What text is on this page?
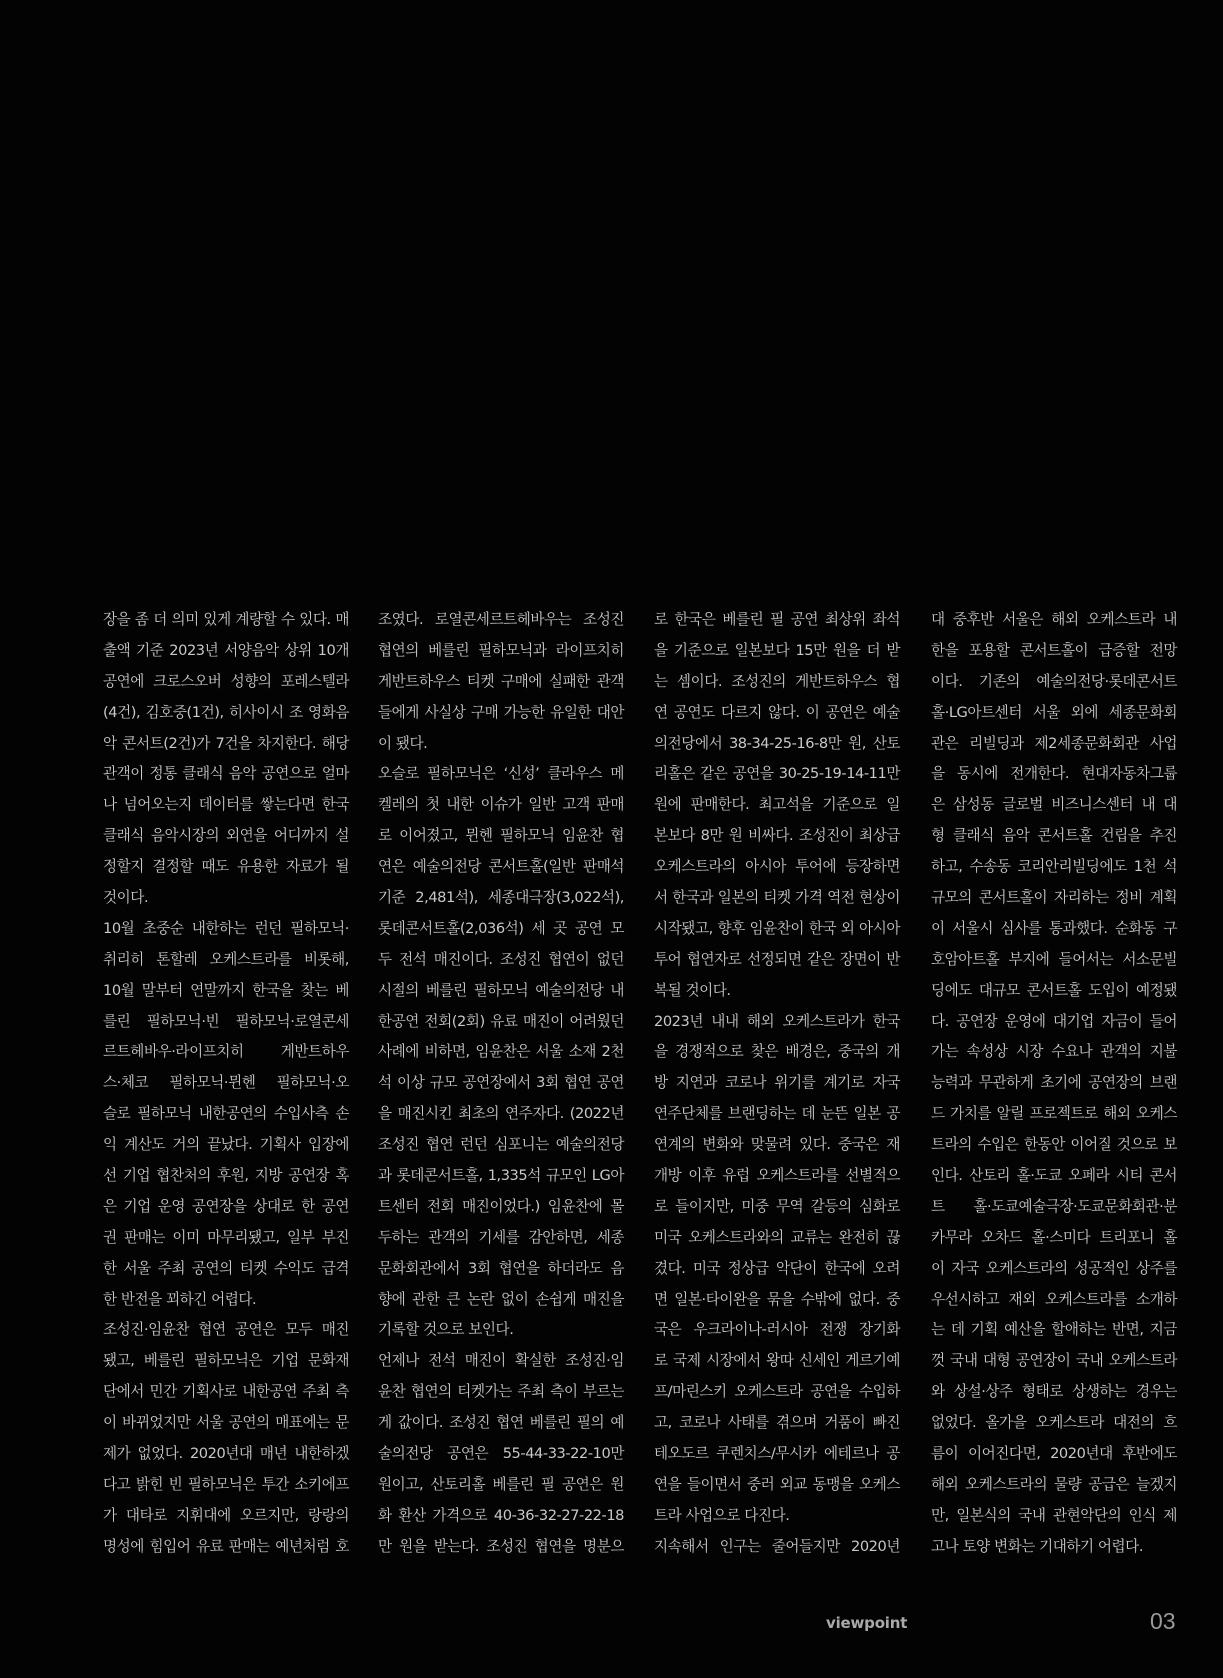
장을 좀 더 의미 있게 계량할 수 있다. 매
출액 기준 2023년 서양음악 상위 10개
공연에 크로스오버 성향의 포레스텔라
(4건), 김호중(1건), 히사이시 조 영화음
악 콘서트(2건)가 7건을 차지한다. 해당
관객이 정통 클래식 음악 공연으로 얼마
나 넘어오는지 데이터를 쌓는다면 한국
클래식 음악시장의 외연을 어디까지 설
정할지 결정할 때도 유용한 자료가 될
것이다.
10월 초중순 내한하는 런던 필하모닉·
취리히 톤할레 오케스트라를 비롯해,
10월 말부터 연말까지 한국을 찾는 베
를린 필하모닉·빈 필하모닉·로열콘세
르트헤바우·라이프치히 게반트하우
스·체코 필하모닉·뮌헨 필하모닉·오
슬로 필하모닉 내한공연의 수입사측 손
익 계산도 거의 끝났다. 기획사 입장에
선 기업 협찬처의 후원, 지방 공연장 혹
은 기업 운영 공연장을 상대로 한 공연
권 판매는 이미 마무리됐고, 일부 부진
한 서울 주최 공연의 티켓 수익도 급격
한 반전을 꾀하긴 어렵다.
조성진·임윤찬 협연 공연은 모두 매진
됐고, 베를린 필하모닉은 기업 문화재
단에서 민간 기획사로 내한공연 주최 측
이 바뀌었지만 서울 공연의 매표에는 문
제가 없었다. 2020년대 매년 내한하겠
다고 밝힌 빈 필하모닉은 투간 소키에프
가 대타로 지휘대에 오르지만, 랑랑의
명성에 힘입어 유료 판매는 예년처럼 호
조였다. 로열콘세르트헤바우는 조성진
협연의 베를린 필하모닉과 라이프치히
게반트하우스 티켓 구매에 실패한 관객
들에게 사실상 구매 가능한 유일한 대안
이 됐다.
오슬로 필하모닉은 ‘신성’ 클라우스 메
켈레의 첫 내한 이슈가 일반 고객 판매
로 이어졌고, 뮌헨 필하모닉 임윤찬 협
연은 예술의전당 콘서트홀(일반 판매석
기준 2,481석), 세종대극장(3,022석),
롯데콘서트홀(2,036석) 세 곳 공연 모
두 전석 매진이다. 조성진 협연이 없던
시절의 베를린 필하모닉 예술의전당 내
한공연 전회(2회) 유료 매진이 어려웠던
사례에 비하면, 임윤찬은 서울 소재 2천
석 이상 규모 공연장에서 3회 협연 공연
을 매진시킨 최초의 연주자다. (2022년
조성진 협연 런던 심포니는 예술의전당
과 롯데콘서트홀, 1,335석 규모인 LG아
트센터 전회 매진이었다.) 임윤찬에 몰
두하는 관객의 기세를 감안하면, 세종
문화회관에서 3회 협연을 하더라도 음
향에 관한 큰 논란 없이 손쉽게 매진을
기록할 것으로 보인다.
언제나 전석 매진이 확실한 조성진·임
윤찬 협연의 티켓가는 주최 측이 부르는
게 값이다. 조성진 협연 베를린 필의 예
술의전당 공연은 55-44-33-22-10만
원이고, 산토리홀 베를린 필 공연은 원
화 환산 가격으로 40-36-32-27-22-18
만 원을 받는다. 조성진 협연을 명분으
로 한국은 베를린 필 공연 최상위 좌석
을 기준으로 일본보다 15만 원을 더 받
는 셈이다. 조성진의 게반트하우스 협
연 공연도 다르지 않다. 이 공연은 예술
의전당에서 38-34-25-16-8만 원, 산토
리홀은 같은 공연을 30-25-19-14-11만
원에 판매한다. 최고석을 기준으로 일
본보다 8만 원 비싸다. 조성진이 최상급
오케스트라의 아시아 투어에 등장하면
서 한국과 일본의 티켓 가격 역전 현상이
시작됐고, 향후 임윤찬이 한국 외 아시아
투어 협연자로 선정되면 같은 장면이 반
복될 것이다.
2023년 내내 해외 오케스트라가 한국
을 경쟁적으로 찾은 배경은, 중국의 개
방 지연과 코로나 위기를 계기로 자국
연주단체를 브랜딩하는 데 눈뜬 일본 공
연계의 변화와 맞물려 있다. 중국은 재
개방 이후 유럽 오케스트라를 선별적으
로 들이지만, 미중 무역 갈등의 심화로
미국 오케스트라와의 교류는 완전히 끊
겼다. 미국 정상급 악단이 한국에 오려
면 일본·타이완을 묶을 수밖에 없다. 중
국은 우크라이나-러시아 전쟁 장기화
로 국제 시장에서 왕따 신세인 게르기예
프/마린스키 오케스트라 공연을 수입하
고, 코로나 사태를 겪으며 거품이 빠진
테오도르 쿠렌치스/무시카 에테르나 공
연을 들이면서 중러 외교 동맹을 오케스
트라 사업으로 다진다.
지속해서 인구는 줄어들지만 2020년
대 중후반 서울은 해외 오케스트라 내
한을 포용할 콘서트홀이 급증할 전망
이다. 기존의 예술의전당·롯데콘서트
홀·LG아트센터 서울 외에 세종문화회
관은 리빌딩과 제2세종문화회관 사업
을 동시에 전개한다. 현대자동차그룹
은 삼성동 글로벌 비즈니스센터 내 대
형 클래식 음악 콘서트홀 건립을 추진
하고, 수송동 코리안리빌딩에도 1천 석
규모의 콘서트홀이 자리하는 정비 계획
이 서울시 심사를 통과했다. 순화동 구
호암아트홀 부지에 들어서는 서소문빌
딩에도 대규모 콘서트홀 도입이 예정됐
다. 공연장 운영에 대기업 자금이 들어
가는 속성상 시장 수요나 관객의 지불
능력과 무관하게 초기에 공연장의 브랜
드 가치를 알릴 프로젝트로 해외 오케스
트라의 수입은 한동안 이어질 것으로 보
인다. 산토리 홀·도쿄 오페라 시티 콘서
트 홀·도쿄예술극장·도쿄문화회관·분
카무라 오차드 홀·스미다 트리포니 홀
이 자국 오케스트라의 성공적인 상주를
우선시하고 재외 오케스트라를 소개하
는 데 기획 예산을 할애하는 반면, 지금
껏 국내 대형 공연장이 국내 오케스트라
와 상설·상주 형태로 상생하는 경우는
없었다. 올가을 오케스트라 대전의 흐
름이 이어진다면, 2020년대 후반에도
해외 오케스트라의 물량 공급은 늘겠지
만, 일본식의 국내 관현악단의 인식 제
고나 토양 변화는 기대하기 어렵다.
viewpoint	03
